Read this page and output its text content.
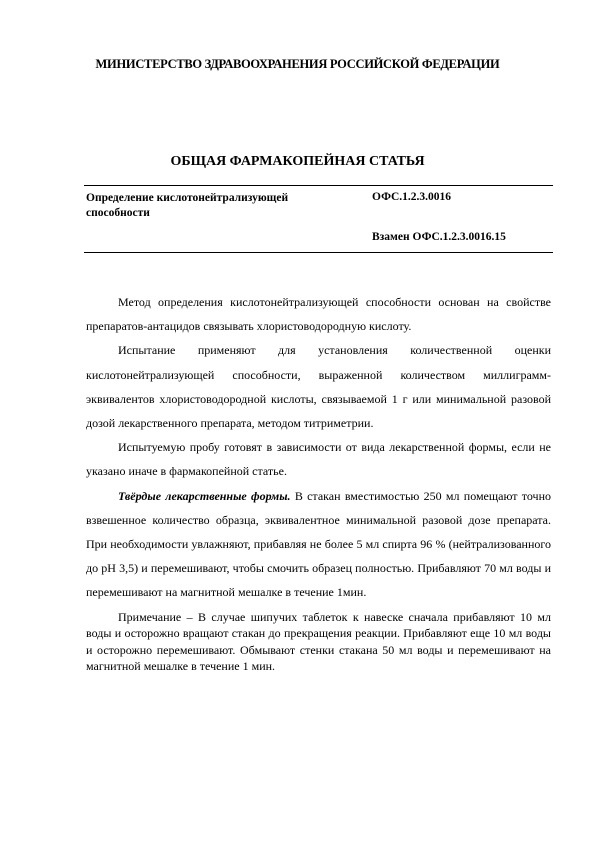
МИНИСТЕРСТВО ЗДРАВООХРАНЕНИЯ РОССИЙСКОЙ ФЕДЕРАЦИИ
ОБЩАЯ ФАРМАКОПЕЙНАЯ СТАТЬЯ
Определение кислотонейтрализующей способности
ОФС.1.2.3.0016
Взамен ОФС.1.2.3.0016.15

Метод определения кислотонейтрализующей способности основан на свойстве препаратов-антацидов связывать хлористоводородную кислоту.

Испытание применяют для установления количественной оценки кислотонейтрализующей способности, выраженной количеством миллиграмм-эквивалентов хлористоводородной кислоты, связываемой 1 г или минимальной разовой дозой лекарственного препарата, методом титриметрии.

Испытуемую пробу готовят в зависимости от вида лекарственной формы, если не указано иначе в фармакопейной статье.

Твёрдые лекарственные формы. В стакан вместимостью 250 мл помещают точно взвешенное количество образца, эквивалентное минимальной разовой дозе препарата. При необходимости увлажняют, прибавляя не более 5 мл спирта 96 % (нейтрализованного до pH 3,5) и перемешивают, чтобы смочить образец полностью. Прибавляют 70 мл воды и перемешивают на магнитной мешалке в течение 1мин.

Примечание – В случае шипучих таблеток к навеске сначала прибавляют 10 мл воды и осторожно вращают стакан до прекращения реакции. Прибавляют еще 10 мл воды и осторожно перемешивают. Обмывают стенки стакана 50 мл воды и перемешивают на магнитной мешалке в течение 1 мин.
